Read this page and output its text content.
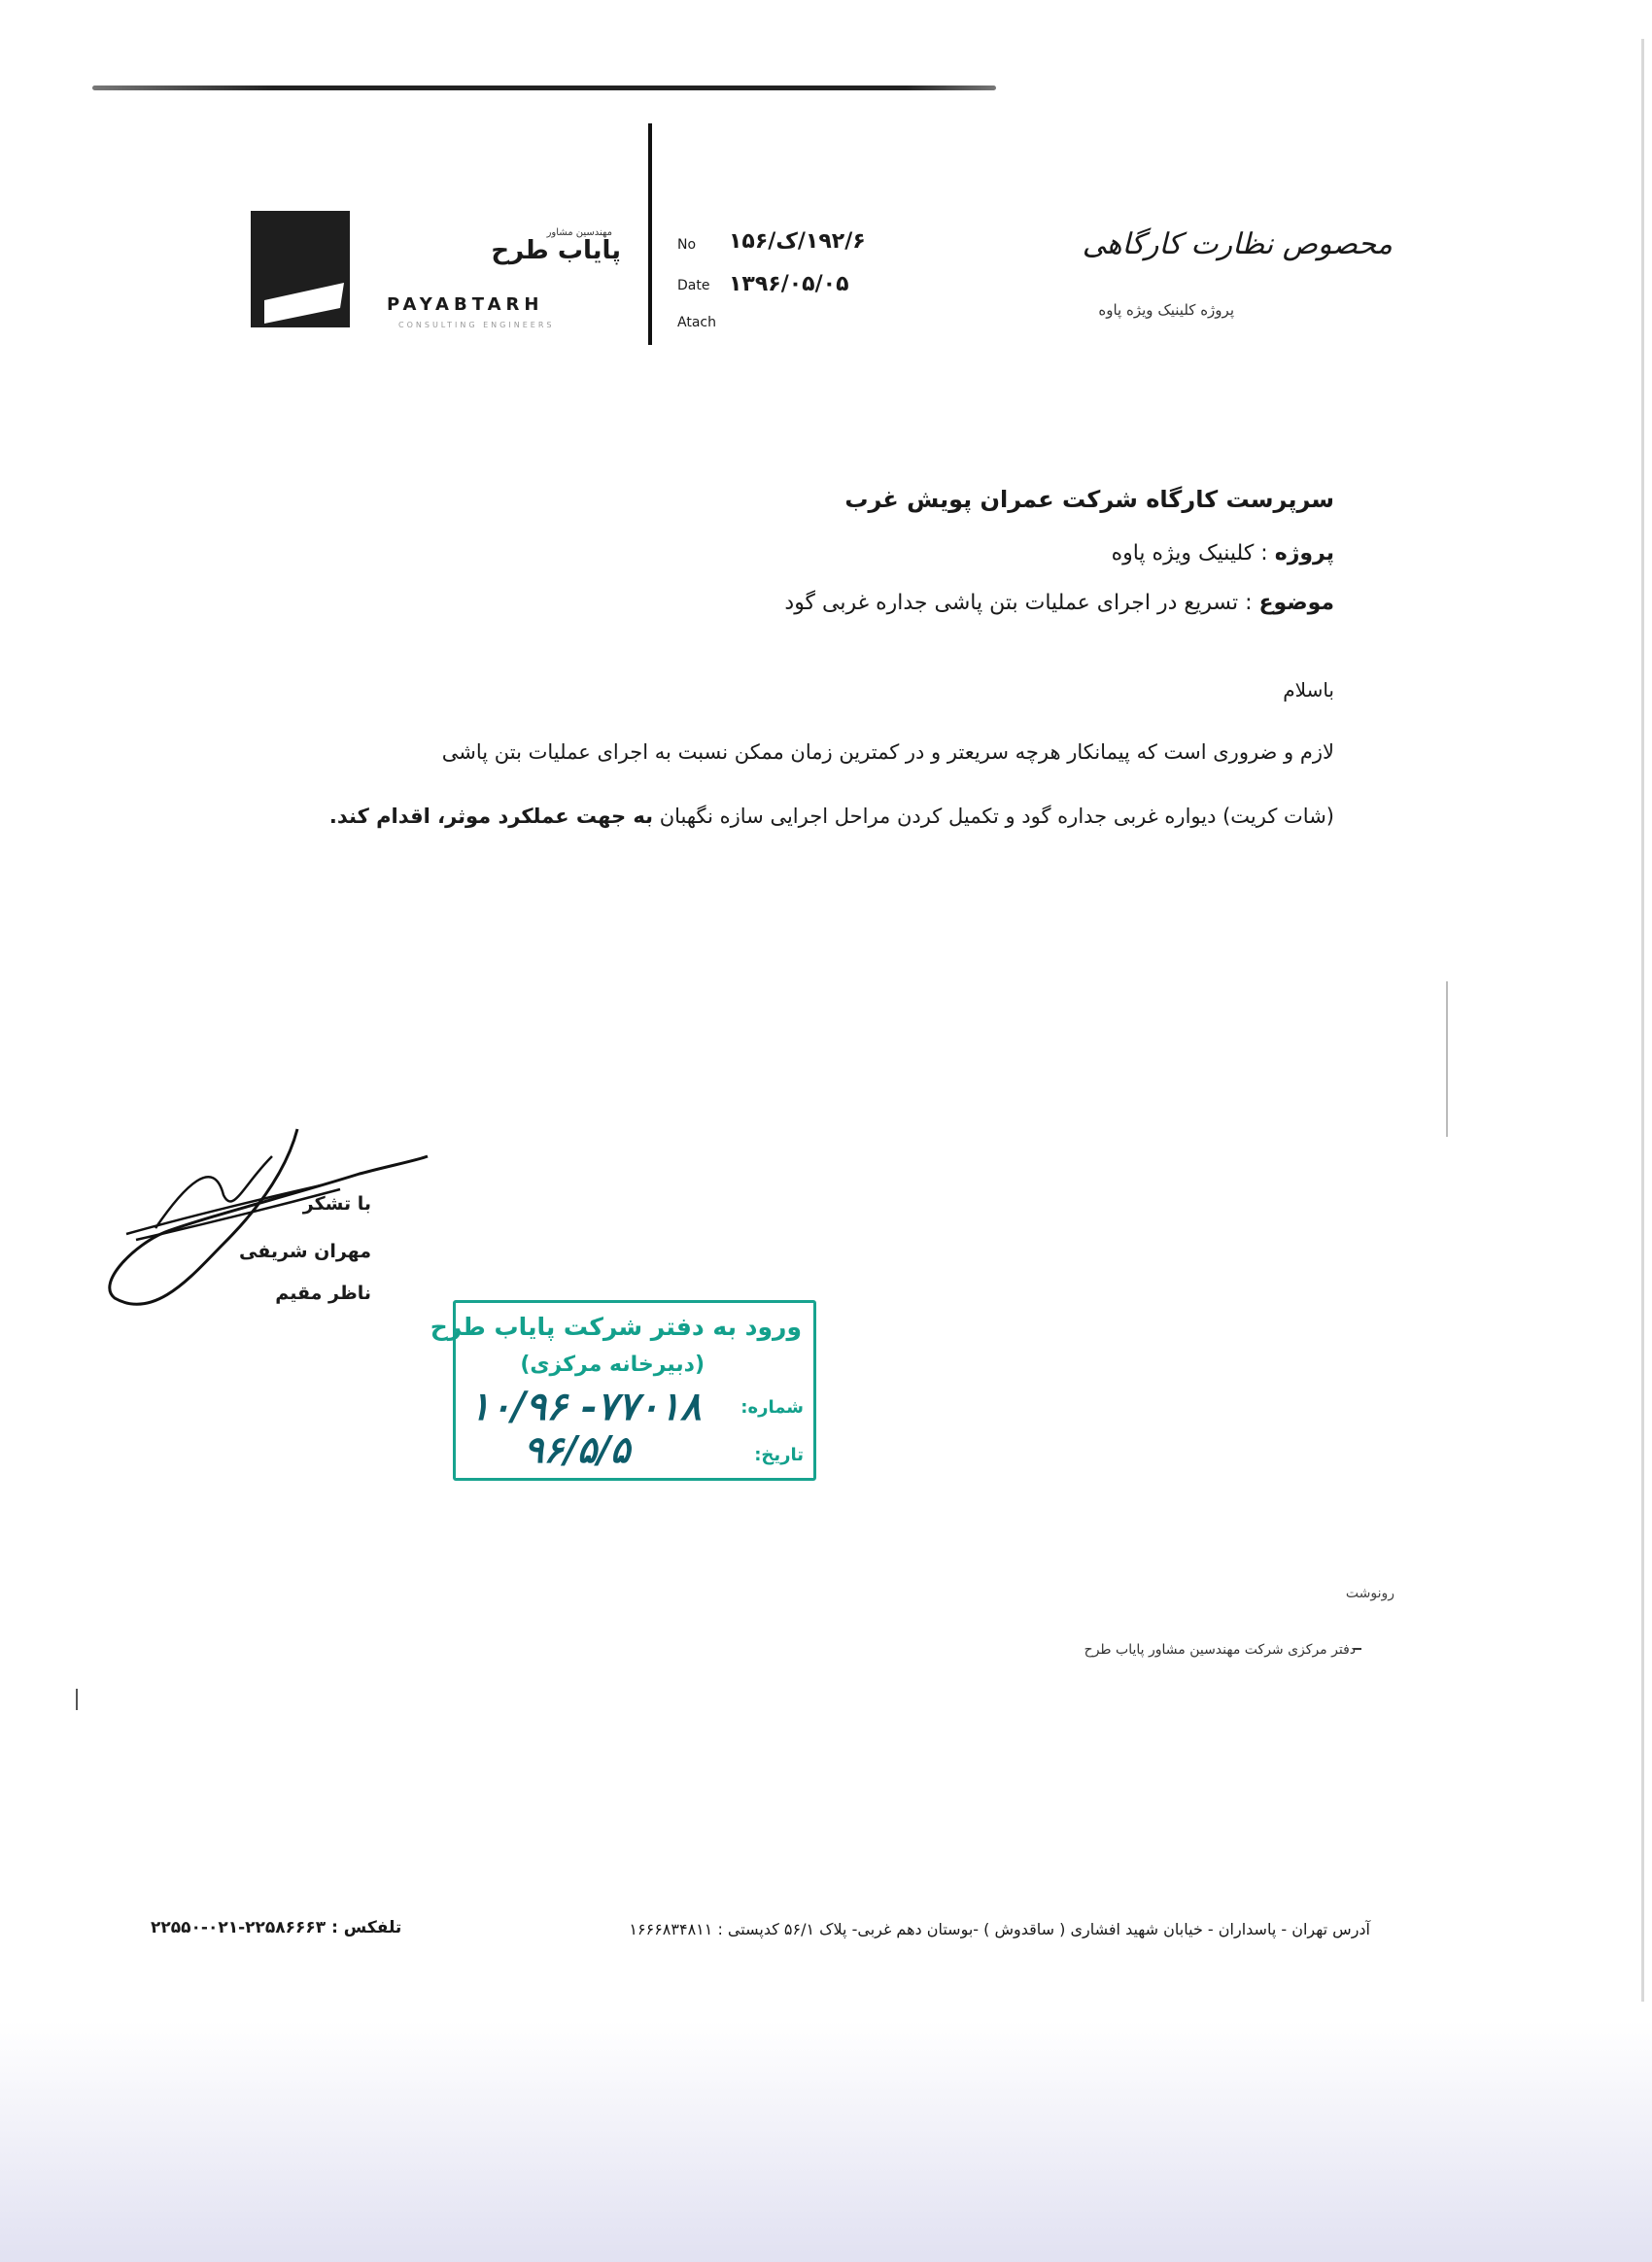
مهندسین مشاور
پایاب طرح
PAYABTARH
CONSULTING ENGINEERS
No ۱۹۲/۶/ک/۱۵۶
Date ۱۳۹۶/۰۵/۰۵
Atach
محصوص نظارت کارگاهی
پروژه کلینیک ویژه پاوه
سرپرست کارگاه شرکت عمران پویش غرب
پروژه : کلینیک ویژه پاوه
موضوع : تسریع در اجرای عملیات بتن پاشی جداره غربی گود
باسلام
لازم و ضروری است که پیمانکار هرچه سریعتر و در کمترین زمان ممکن نسبت به اجرای عملیات بتن پاشی
(شات کریت) دیواره غربی جداره گود و تکمیل کردن مراحل اجرایی سازه نگهبان به جهت عملکرد موثر، اقدام کند.
با تشکر
مهران شریفی
ناظر مقیم
ورود به دفتر شرکت پایاب طرح
(دبیرخانه مرکزی)
شماره:
۷۷۰۱۸- ۱۰/۹۶
تاریخ:
۹۶/۵/۵
رونوشت
دفتر مرکزی شرکت مهندسین مشاور پایاب طرح
آدرس تهران - پاسداران - خیابان شهید افشاری ( ساقدوش ) -بوستان دهم غربی- پلاک ۵۶/۱ کدپستی : ۱۶۶۶۸۳۴۸۱۱
تلفکس : ۲۲۵۸۶۶۶۳-۰۲۱-۲۲۵۵۰
